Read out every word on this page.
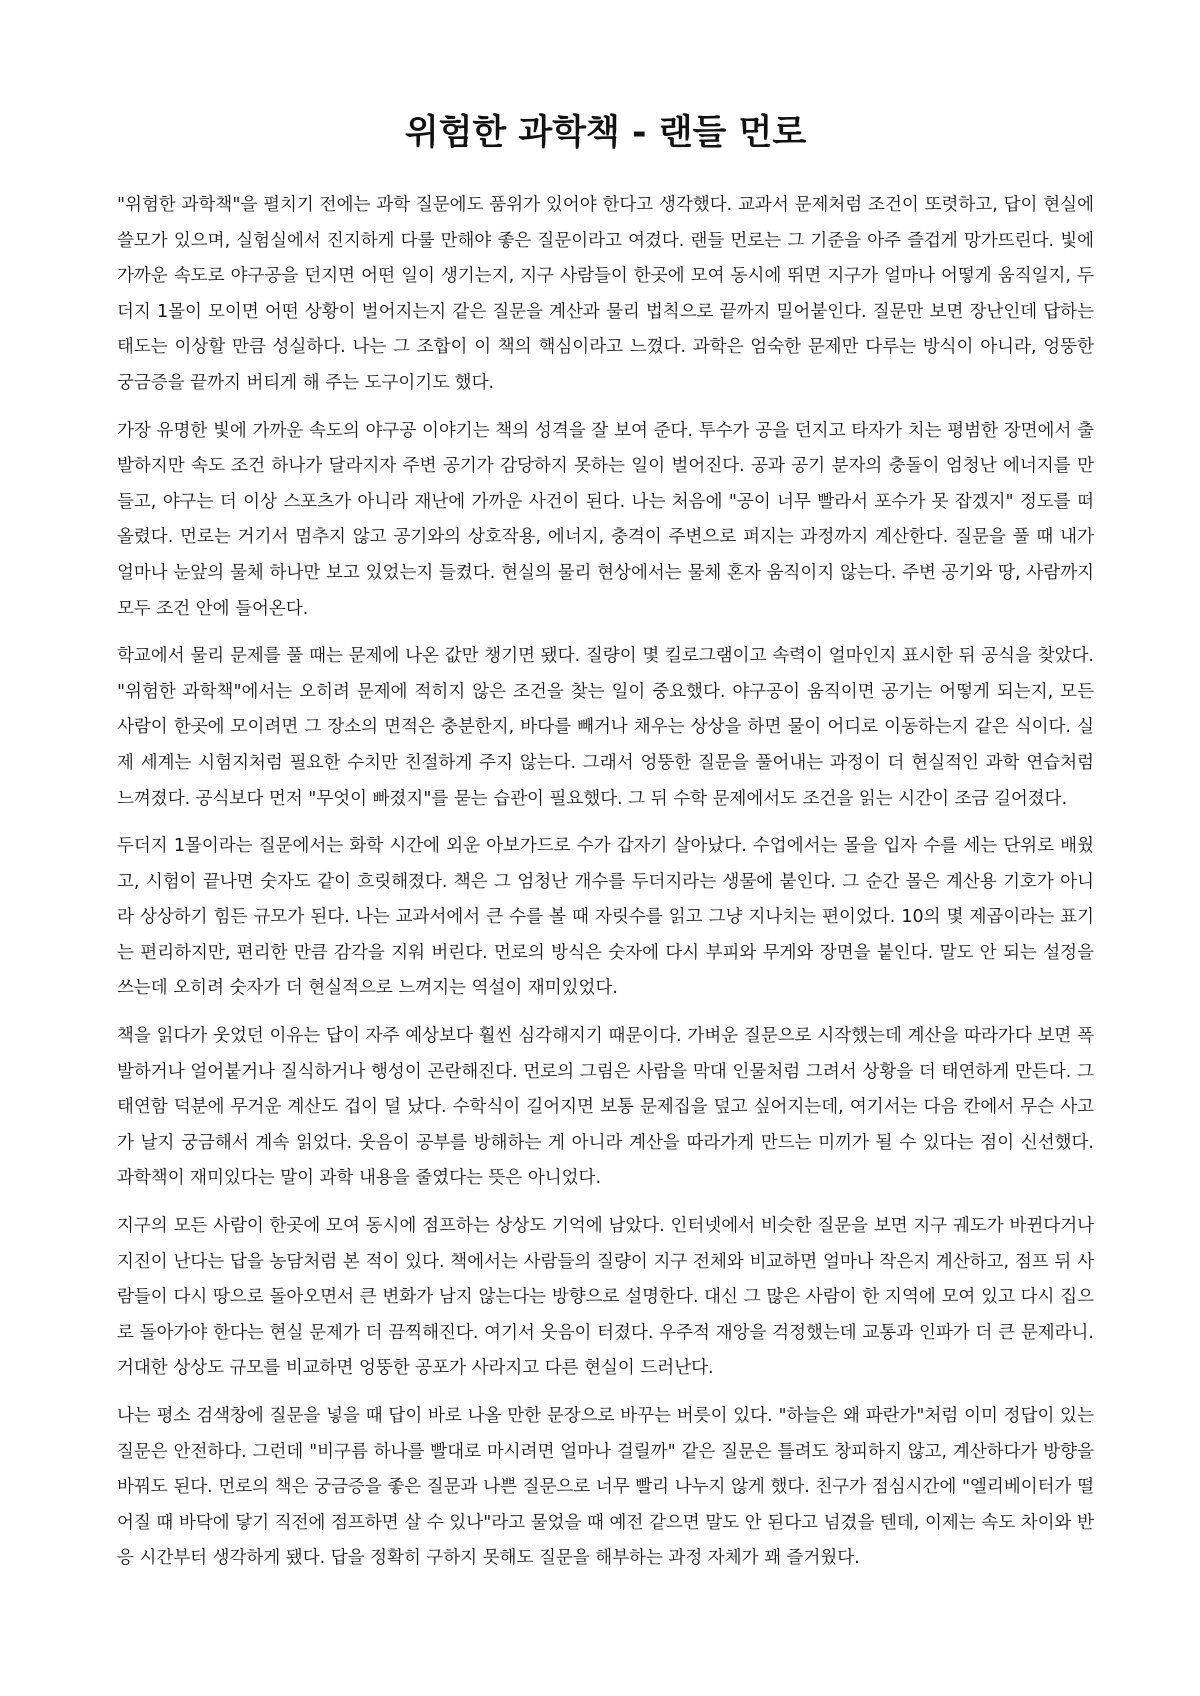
위험한 과학책 - 랜들 먼로

"위험한 과학책"을 펼치기 전에는 과학 질문에도 품위가 있어야 한다고 생각했다. 교과서 문제처럼 조건이 또렷하고, 답이 현실에 쓸모가 있으며, 실험실에서 진지하게 다룰 만해야 좋은 질문이라고 여겼다. 랜들 먼로는 그 기준을 아주 즐겁게 망가뜨린다. 빛에 가까운 속도로 야구공을 던지면 어떤 일이 생기는지, 지구 사람들이 한곳에 모여 동시에 뛰면 지구가 얼마나 어떻게 움직일지, 두더지 1몰이 모이면 어떤 상황이 벌어지는지 같은 질문을 계산과 물리 법칙으로 끝까지 밀어붙인다. 질문만 보면 장난인데 답하는 태도는 이상할 만큼 성실하다. 나는 그 조합이 이 책의 핵심이라고 느꼈다. 과학은 엄숙한 문제만 다루는 방식이 아니라, 엉뚱한 궁금증을 끝까지 버티게 해 주는 도구이기도 했다.

가장 유명한 빛에 가까운 속도의 야구공 이야기는 책의 성격을 잘 보여 준다. 투수가 공을 던지고 타자가 치는 평범한 장면에서 출발하지만 속도 조건 하나가 달라지자 주변 공기가 감당하지 못하는 일이 벌어진다. 공과 공기 분자의 충돌이 엄청난 에너지를 만들고, 야구는 더 이상 스포츠가 아니라 재난에 가까운 사건이 된다. 나는 처음에 "공이 너무 빨라서 포수가 못 잡겠지" 정도를 떠올렸다. 먼로는 거기서 멈추지 않고 공기와의 상호작용, 에너지, 충격이 주변으로 퍼지는 과정까지 계산한다. 질문을 풀 때 내가 얼마나 눈앞의 물체 하나만 보고 있었는지 들켰다. 현실의 물리 현상에서는 물체 혼자 움직이지 않는다. 주변 공기와 땅, 사람까지 모두 조건 안에 들어온다.

학교에서 물리 문제를 풀 때는 문제에 나온 값만 챙기면 됐다. 질량이 몇 킬로그램이고 속력이 얼마인지 표시한 뒤 공식을 찾았다. "위험한 과학책"에서는 오히려 문제에 적히지 않은 조건을 찾는 일이 중요했다. 야구공이 움직이면 공기는 어떻게 되는지, 모든 사람이 한곳에 모이려면 그 장소의 면적은 충분한지, 바다를 빼거나 채우는 상상을 하면 물이 어디로 이동하는지 같은 식이다. 실제 세계는 시험지처럼 필요한 수치만 친절하게 주지 않는다. 그래서 엉뚱한 질문을 풀어내는 과정이 더 현실적인 과학 연습처럼 느껴졌다. 공식보다 먼저 "무엇이 빠졌지"를 묻는 습관이 필요했다. 그 뒤 수학 문제에서도 조건을 읽는 시간이 조금 길어졌다.

두더지 1몰이라는 질문에서는 화학 시간에 외운 아보가드로 수가 갑자기 살아났다. 수업에서는 몰을 입자 수를 세는 단위로 배웠고, 시험이 끝나면 숫자도 같이 흐릿해졌다. 책은 그 엄청난 개수를 두더지라는 생물에 붙인다. 그 순간 몰은 계산용 기호가 아니라 상상하기 힘든 규모가 된다. 나는 교과서에서 큰 수를 볼 때 자릿수를 읽고 그냥 지나치는 편이었다. 10의 몇 제곱이라는 표기는 편리하지만, 편리한 만큼 감각을 지워 버린다. 먼로의 방식은 숫자에 다시 부피와 무게와 장면을 붙인다. 말도 안 되는 설정을 쓰는데 오히려 숫자가 더 현실적으로 느껴지는 역설이 재미있었다.

책을 읽다가 웃었던 이유는 답이 자주 예상보다 훨씬 심각해지기 때문이다. 가벼운 질문으로 시작했는데 계산을 따라가다 보면 폭발하거나 얼어붙거나 질식하거나 행성이 곤란해진다. 먼로의 그림은 사람을 막대 인물처럼 그려서 상황을 더 태연하게 만든다. 그 태연함 덕분에 무거운 계산도 겁이 덜 났다. 수학식이 길어지면 보통 문제집을 덮고 싶어지는데, 여기서는 다음 칸에서 무슨 사고가 날지 궁금해서 계속 읽었다. 웃음이 공부를 방해하는 게 아니라 계산을 따라가게 만드는 미끼가 될 수 있다는 점이 신선했다. 과학책이 재미있다는 말이 과학 내용을 줄였다는 뜻은 아니었다.

지구의 모든 사람이 한곳에 모여 동시에 점프하는 상상도 기억에 남았다. 인터넷에서 비슷한 질문을 보면 지구 궤도가 바뀐다거나 지진이 난다는 답을 농담처럼 본 적이 있다. 책에서는 사람들의 질량이 지구 전체와 비교하면 얼마나 작은지 계산하고, 점프 뒤 사람들이 다시 땅으로 돌아오면서 큰 변화가 남지 않는다는 방향으로 설명한다. 대신 그 많은 사람이 한 지역에 모여 있고 다시 집으로 돌아가야 한다는 현실 문제가 더 끔찍해진다. 여기서 웃음이 터졌다. 우주적 재앙을 걱정했는데 교통과 인파가 더 큰 문제라니. 거대한 상상도 규모를 비교하면 엉뚱한 공포가 사라지고 다른 현실이 드러난다.

나는 평소 검색창에 질문을 넣을 때 답이 바로 나올 만한 문장으로 바꾸는 버릇이 있다. "하늘은 왜 파란가"처럼 이미 정답이 있는 질문은 안전하다. 그런데 "비구름 하나를 빨대로 마시려면 얼마나 걸릴까" 같은 질문은 틀려도 창피하지 않고, 계산하다가 방향을 바꿔도 된다. 먼로의 책은 궁금증을 좋은 질문과 나쁜 질문으로 너무 빨리 나누지 않게 했다. 친구가 점심시간에 "엘리베이터가 떨어질 때 바닥에 닿기 직전에 점프하면 살 수 있나"라고 물었을 때 예전 같으면 말도 안 된다고 넘겼을 텐데, 이제는 속도 차이와 반응 시간부터 생각하게 됐다. 답을 정확히 구하지 못해도 질문을 해부하는 과정 자체가 꽤 즐거웠다.
